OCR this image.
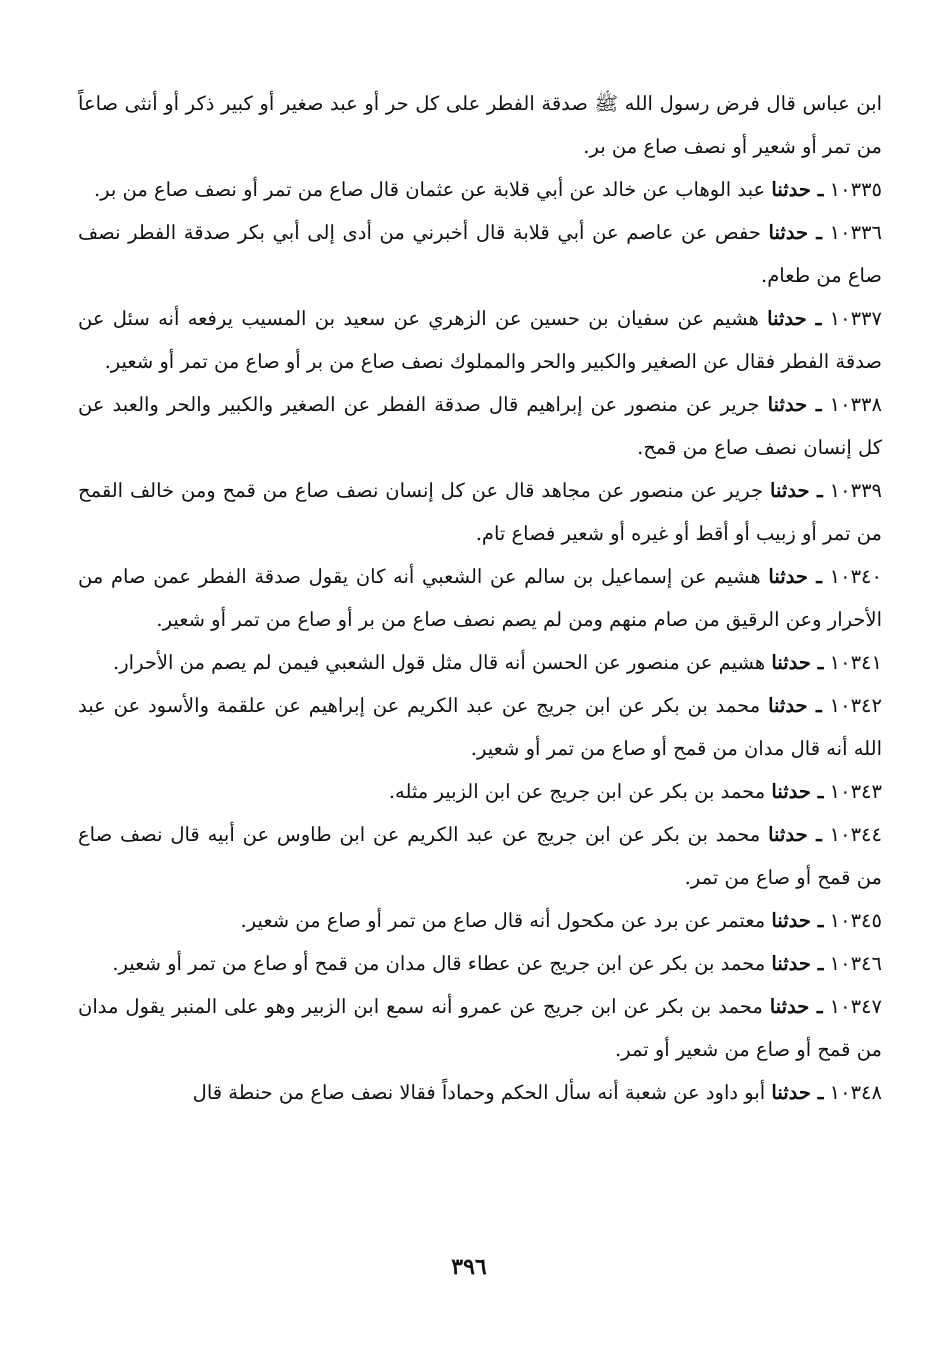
ابن عباس قال فرض رسول الله ﷺ صدقة الفطر على كل حر أو عبد صغير أو كبير ذكر أو أنثى صاعاً من تمر أو شعير أو نصف صاع من بر.

١٠٣٣٥ ـ حدثنا عبد الوهاب عن خالد عن أبي قلابة عن عثمان قال صاع من تمر أو نصف صاع من بر.

١٠٣٣٦ ـ حدثنا حفص عن عاصم عن أبي قلابة قال أخبرني من أدى إلى أبي بكر صدقة الفطر نصف صاع من طعام.

١٠٣٣٧ ـ حدثنا هشيم عن سفيان بن حسين عن الزهري عن سعيد بن المسيب يرفعه أنه سئل عن صدقة الفطر فقال عن الصغير والكبير والحر والمملوك نصف صاع من بر أو صاع من تمر أو شعير.

١٠٣٣٨ ـ حدثنا جرير عن منصور عن إبراهيم قال صدقة الفطر عن الصغير والكبير والحر والعبد عن كل إنسان نصف صاع من قمح.

١٠٣٣٩ ـ حدثنا جرير عن منصور عن مجاهد قال عن كل إنسان نصف صاع من قمح ومن خالف القمح من تمر أو زبيب أو أقط أو غيره أو شعير فصاع تام.

١٠٣٤٠ ـ حدثنا هشيم عن إسماعيل بن سالم عن الشعبي أنه كان يقول صدقة الفطر عمن صام من الأحرار وعن الرقيق من صام منهم ومن لم يصم نصف صاع من بر أو صاع من تمر أو شعير.

١٠٣٤١ ـ حدثنا هشيم عن منصور عن الحسن أنه قال مثل قول الشعبي فيمن لم يصم من الأحرار.

١٠٣٤٢ ـ حدثنا محمد بن بكر عن ابن جريج عن عبد الكريم عن إبراهيم عن علقمة والأسود عن عبد الله أنه قال مدان من قمح أو صاع من تمر أو شعير.

١٠٣٤٣ ـ حدثنا محمد بن بكر عن ابن جريج عن ابن الزبير مثله.

١٠٣٤٤ ـ حدثنا محمد بن بكر عن ابن جريج عن عبد الكريم عن ابن طاوس عن أبيه قال نصف صاع من قمح أو صاع من تمر.

١٠٣٤٥ ـ حدثنا معتمر عن برد عن مكحول أنه قال صاع من تمر أو صاع من شعير.

١٠٣٤٦ ـ حدثنا محمد بن بكر عن ابن جريج عن عطاء قال مدان من قمح أو صاع من تمر أو شعير.

١٠٣٤٧ ـ حدثنا محمد بن بكر عن ابن جريج عن عمرو أنه سمع ابن الزبير وهو على المنبر يقول مدان من قمح أو صاع من شعير أو تمر.

١٠٣٤٨ ـ حدثنا أبو داود عن شعبة أنه سأل الحكم وحماداً فقالا نصف صاع من حنطة قال

٣٩٦
